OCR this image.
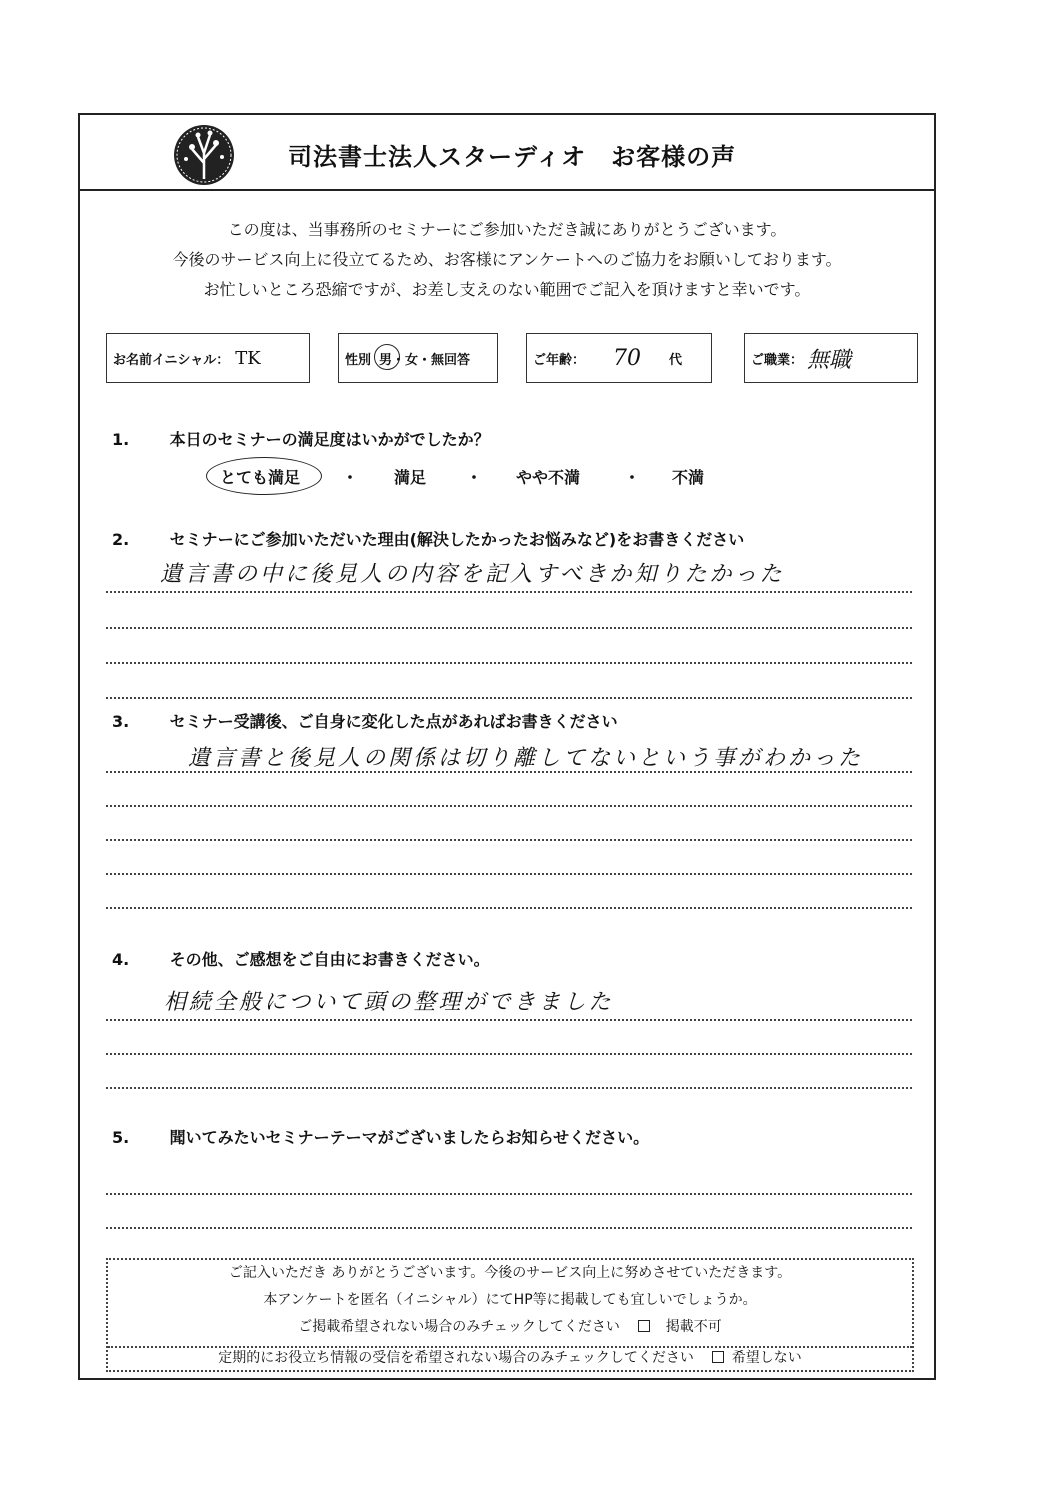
司法書士法人スターディオ　お客様の声
この度は、当事務所のセミナーにご参加いただき誠にありがとうございます。
今後のサービス向上に役立てるため、お客様にアンケートへのご協力をお願いしております。
お忙しいところ恐縮ですが、お差し支えのない範囲でご記入を頂けますと幸いです。
お名前イニシャル： TK	性別 男 ・女・無回答	ご年齢： 70 代	ご職業： 無職
1.	本日のセミナーの満足度はいかがでしたか？
とても満足	・ 満足 ・ やや不満	・ 不満
2.	セミナーにご参加いただいた理由(解決したかったお悩みなど)をお書きください
遺言書の中に後見人の内容を記入すべきか知りたかった
3.	セミナー受講後、ご自身に変化した点があればお書きください
遺言書と後見人の関係は切り離してないという事がわかった
4.	その他、ご感想をご自由にお書きください。
相続全般について頭の整理ができました
5.	聞いてみたいセミナーテーマがございましたらお知らせください。
ご記入いただき ありがとうございます。今後のサービス向上に努めさせていただきます。
本アンケートを匿名（イニシャル）にてHP等に掲載しても宜しいでしょうか。
ご掲載希望されない場合のみチェックしてください	掲載不可
定期的にお役立ち情報の受信を希望されない場合のみチェックしてください	希望しない
